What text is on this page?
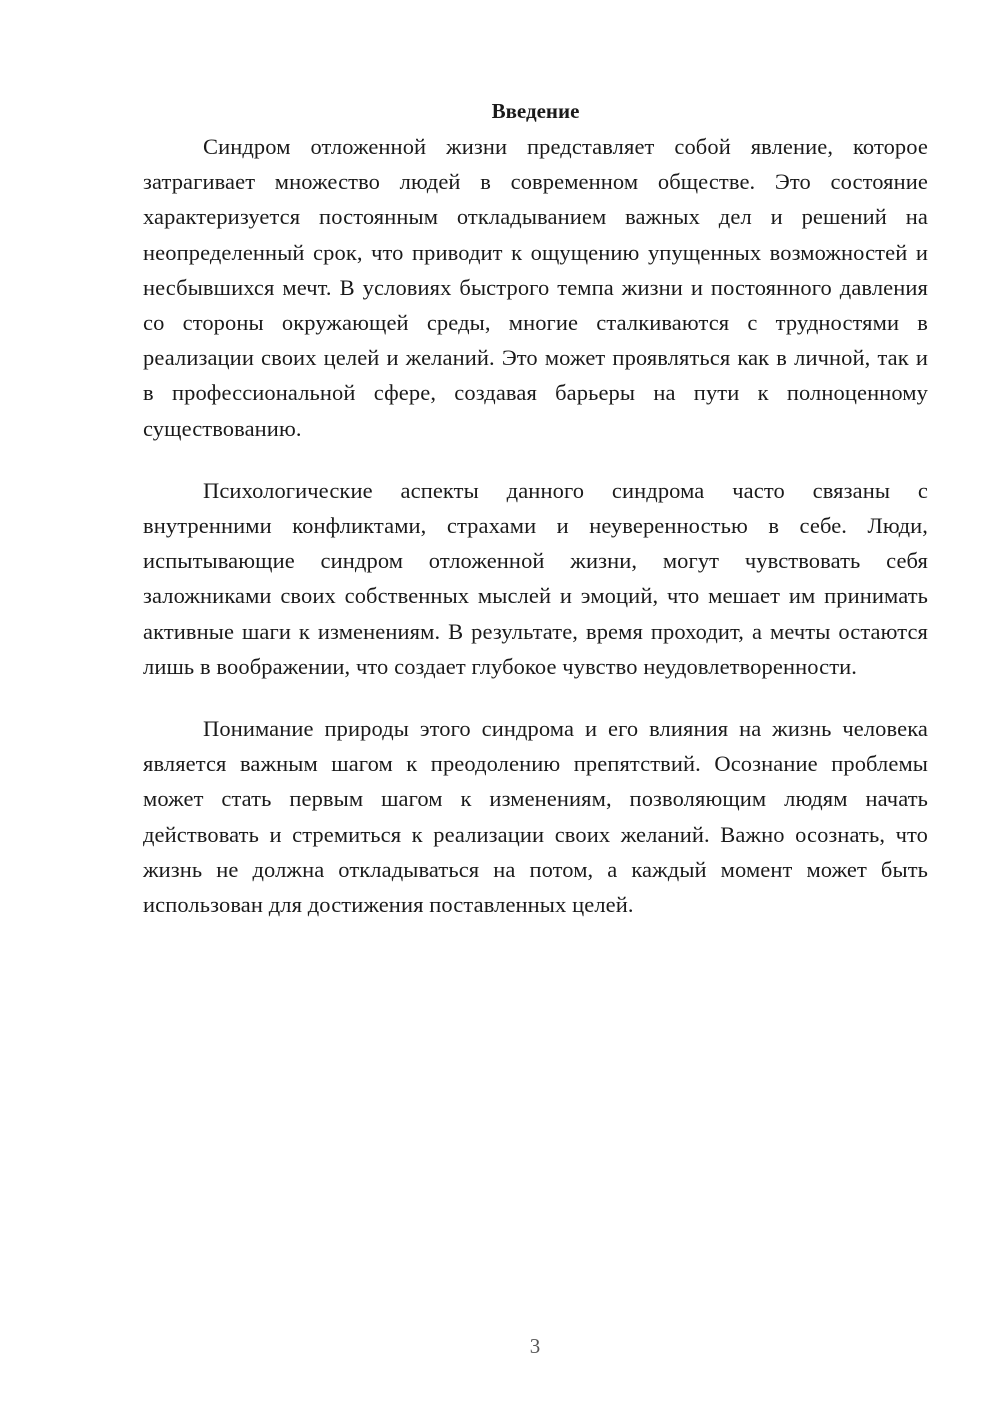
Введение

Синдром отложенной жизни представляет собой явление, которое затрагивает множество людей в современном обществе. Это состояние характеризуется постоянным откладыванием важных дел и решений на неопределенный срок, что приводит к ощущению упущенных возможностей и несбывшихся мечт. В условиях быстрого темпа жизни и постоянного давления со стороны окружающей среды, многие сталкиваются с трудностями в реализации своих целей и желаний. Это может проявляться как в личной, так и в профессиональной сфере, создавая барьеры на пути к полноценному существованию.

Психологические аспекты данного синдрома часто связаны с внутренними конфликтами, страхами и неуверенностью в себе. Люди, испытывающие синдром отложенной жизни, могут чувствовать себя заложниками своих собственных мыслей и эмоций, что мешает им принимать активные шаги к изменениям. В результате, время проходит, а мечты остаются лишь в воображении, что создает глубокое чувство неудовлетворенности.

Понимание природы этого синдрома и его влияния на жизнь человека является важным шагом к преодолению препятствий. Осознание проблемы может стать первым шагом к изменениям, позволяющим людям начать действовать и стремиться к реализации своих желаний. Важно осознать, что жизнь не должна откладываться на потом, а каждый момент может быть использован для достижения поставленных целей.

3
